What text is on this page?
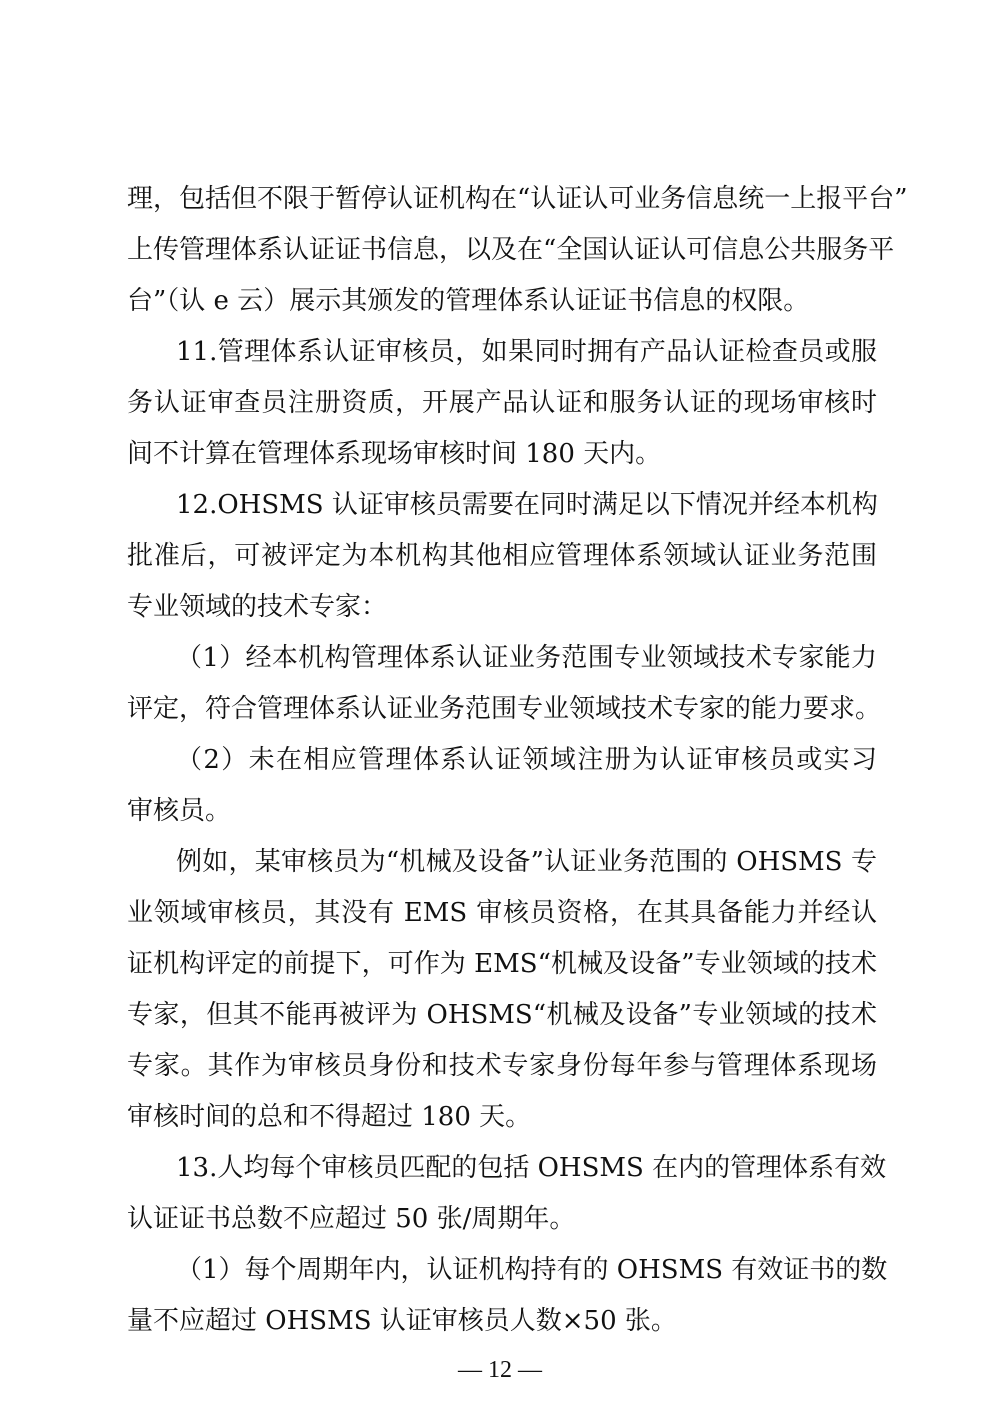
理，包括但不限于暂停认证机构在“认证认可业务信息统一上报平台”
上传管理体系认证证书信息，以及在“全国认证认可信息公共服务平
台”（认 e 云）展示其颁发的管理体系认证证书信息的权限。
11.管理体系认证审核员，如果同时拥有产品认证检查员或服
务认证审查员注册资质，开展产品认证和服务认证的现场审核时
间不计算在管理体系现场审核时间 180 天内。
12.OHSMS 认证审核员需要在同时满足以下情况并经本机构
批准后，可被评定为本机构其他相应管理体系领域认证业务范围
专业领域的技术专家：
（1）经本机构管理体系认证业务范围专业领域技术专家能力
评定，符合管理体系认证业务范围专业领域技术专家的能力要求。
（2）未在相应管理体系认证领域注册为认证审核员或实习
审核员。
例如，某审核员为“机械及设备”认证业务范围的 OHSMS 专
业领域审核员，其没有 EMS 审核员资格，在其具备能力并经认
证机构评定的前提下，可作为 EMS“机械及设备”专业领域的技术
专家，但其不能再被评为 OHSMS“机械及设备”专业领域的技术
专家。其作为审核员身份和技术专家身份每年参与管理体系现场
审核时间的总和不得超过 180 天。
13.人均每个审核员匹配的包括 OHSMS 在内的管理体系有效
认证证书总数不应超过 50 张/周期年。
（1）每个周期年内，认证机构持有的 OHSMS 有效证书的数
量不应超过 OHSMS 认证审核员人数×50 张。
— 12 —
